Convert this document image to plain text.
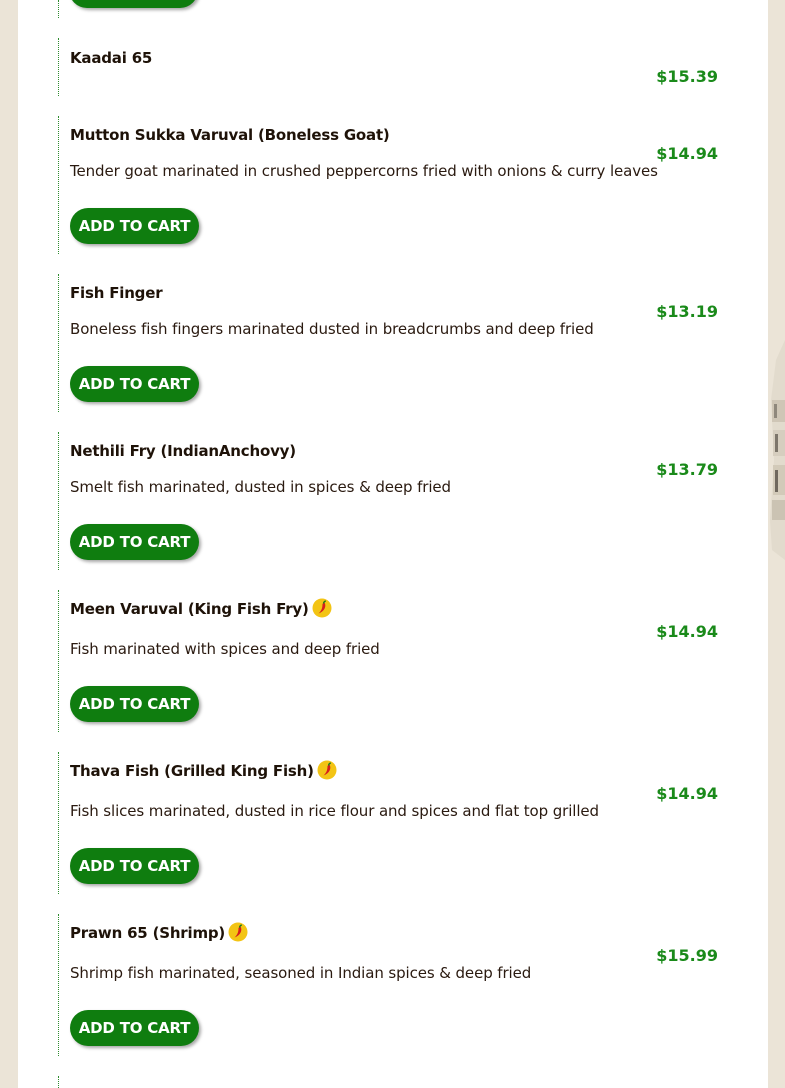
Kaadai 65
$15.39
Mutton Sukka Varuval (Boneless Goat)
$14.94
Tender goat marinated in crushed peppercorns fried with onions & curry leaves
ADD TO CART
Fish Finger
$13.19
Boneless fish fingers marinated dusted in breadcrumbs and deep fried
ADD TO CART
Nethili Fry (IndianAnchovy)
$13.79
Smelt fish marinated, dusted in spices & deep fried
ADD TO CART
Meen Varuval (King Fish Fry)
$14.94
Fish marinated with spices and deep fried
ADD TO CART
Thava Fish (Grilled King Fish)
$14.94
Fish slices marinated, dusted in rice flour and spices and flat top grilled
ADD TO CART
Prawn 65 (Shrimp)
$15.99
Shrimp fish marinated, seasoned in Indian spices & deep fried
ADD TO CART
